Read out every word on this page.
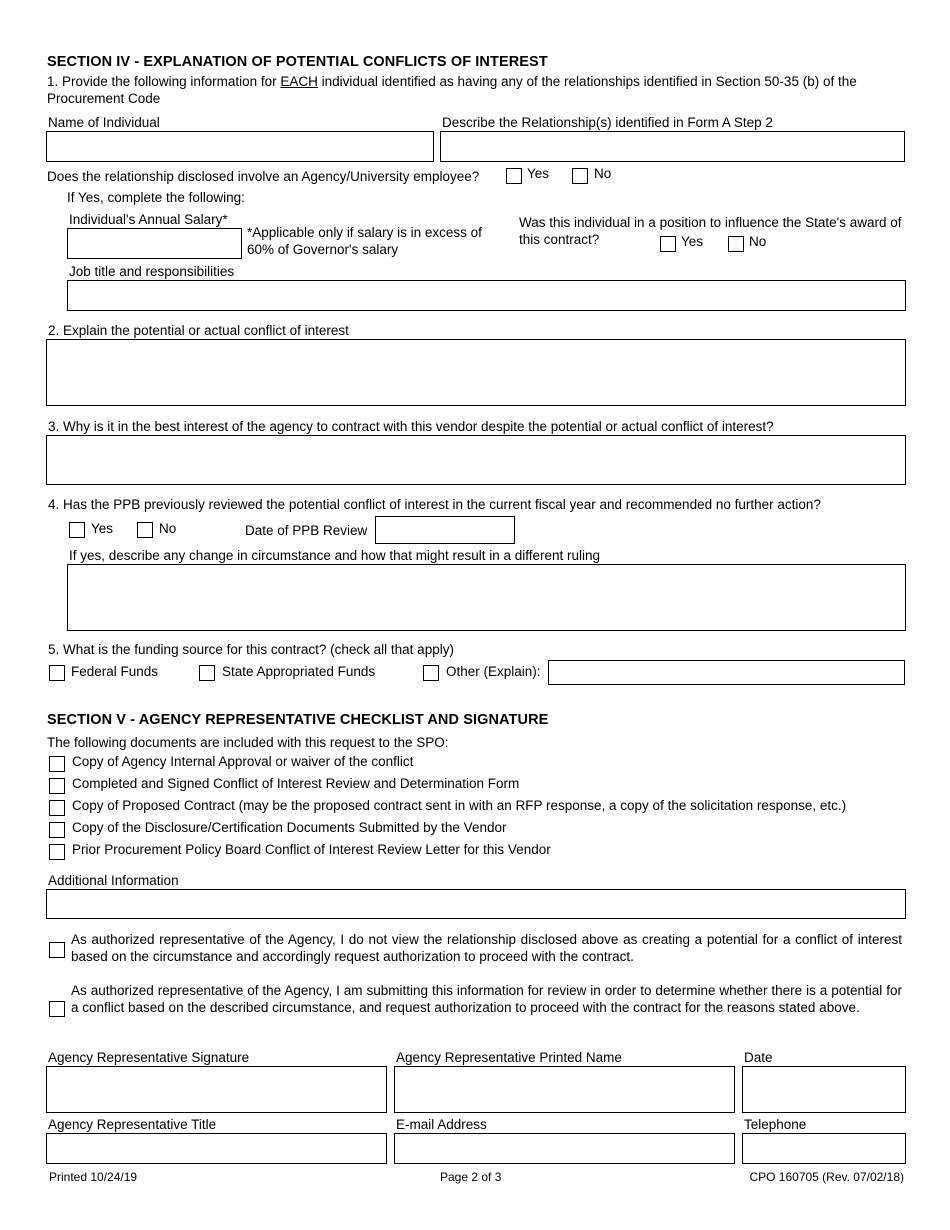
SECTION IV - EXPLANATION OF POTENTIAL CONFLICTS OF INTEREST
1. Provide the following information for EACH individual identified as having any of the relationships identified in Section 50-35 (b) of the Procurement Code
Name of Individual	Describe the Relationship(s) identified in Form A Step 2
Does the relationship disclosed involve an Agency/University employee?	Yes	No
If Yes, complete the following:
Individual's Annual Salary*
*Applicable only if salary is in excess of 60% of Governor's salary
Was this individual in a position to influence the State's award of this contract?	Yes	No
Job title and responsibilities
2. Explain the potential or actual conflict of interest
3. Why is it in the best interest of the agency to contract with this vendor despite the potential or actual conflict of interest?
4. Has the PPB previously reviewed the potential conflict of interest in the current fiscal year and recommended no further action?
Yes	No	Date of PPB Review
If yes, describe any change in circumstance and how that might result in a different ruling
5. What is the funding source for this contract? (check all that apply)
Federal Funds	State Appropriated Funds	Other (Explain):
SECTION V - AGENCY REPRESENTATIVE CHECKLIST AND SIGNATURE
The following documents are included with this request to the SPO:
Copy of Agency Internal Approval or waiver of the conflict
Completed and Signed Conflict of Interest Review and Determination Form
Copy of Proposed Contract (may be the proposed contract sent in with an RFP response, a copy of the solicitation response, etc.)
Copy of the Disclosure/Certification Documents Submitted by the Vendor
Prior Procurement Policy Board Conflict of Interest Review Letter for this Vendor
Additional Information
As authorized representative of the Agency, I do not view the relationship disclosed above as creating a potential for a conflict of interest based on the circumstance and accordingly request authorization to proceed with the contract.
As authorized representative of the Agency, I am submitting this information for review in order to determine whether there is a potential for a conflict based on the described circumstance, and request authorization to proceed with the contract for the reasons stated above.
Agency Representative Signature	Agency Representative Printed Name	Date
Agency Representative Title	E-mail Address	Telephone
Printed 10/24/19	Page 2 of 3	CPO 160705 (Rev. 07/02/18)
